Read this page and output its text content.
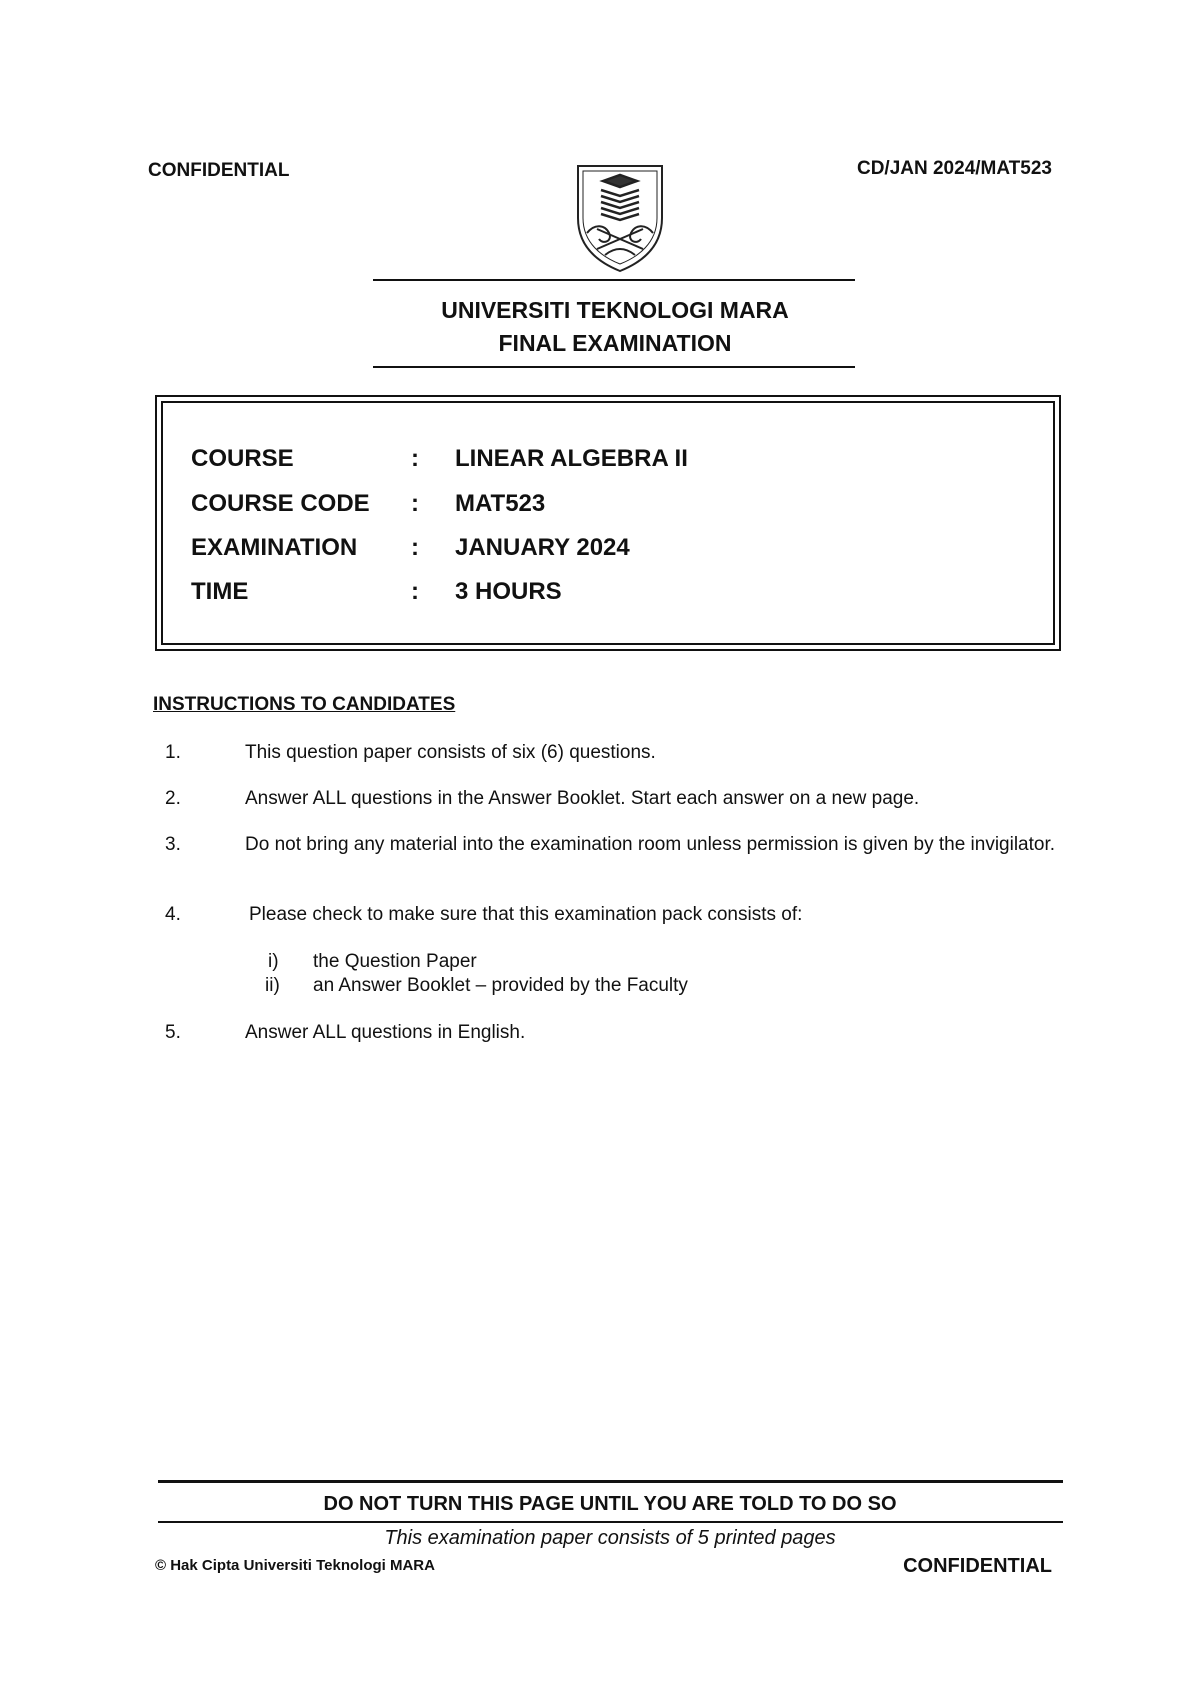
CONFIDENTIAL	CD/JAN 2024/MAT523
UNIVERSITI TEKNOLOGI MARA
FINAL EXAMINATION
COURSE	: LINEAR ALGEBRA II
COURSE CODE : MAT523
EXAMINATION : JANUARY 2024
TIME	: 3 HOURS
INSTRUCTIONS TO CANDIDATES
1.	This question paper consists of six (6) questions.
2.	Answer ALL questions in the Answer Booklet. Start each answer on a new page.
3.	Do not bring any material into the examination room unless permission is given by the invigilator.
4.	Please check to make sure that this examination pack consists of:
i) the Question Paper
ii) an Answer Booklet – provided by the Faculty
5.	Answer ALL questions in English.
DO NOT TURN THIS PAGE UNTIL YOU ARE TOLD TO DO SO
This examination paper consists of 5 printed pages
© Hak Cipta Universiti Teknologi MARA	CONFIDENTIAL
